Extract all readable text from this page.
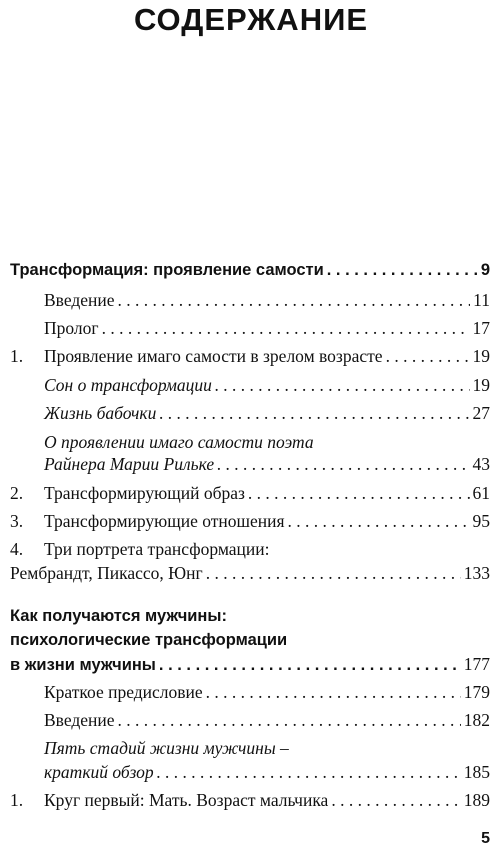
СОДЕРЖАНИЕ
Трансформация: проявление самости . . .	9
Введение . . .	11
Пролог . . .	17
1. Проявление имаго самости в зрелом возрасте . . .	19
Сон о трансформации . . .	19
Жизнь бабочки . . .	27
О проявлении имаго самости поэта
Райнера Марии Рильке . . .	43
2. Трансформирующий образ . . .	61
3. Трансформирующие отношения . . .	95
4. Три портрета трансформации:
Рембрандт, Пикассо, Юнг . . .	133
Как получаются мужчины:
психологические трансформации
в жизни мужчины . . .	177
Краткое предисловие . . .	179
Введение . . .	182
Пять стадий жизни мужчины –
краткий обзор . . .	185
1. Круг первый: Мать. Возраст мальчика . . .	189
5
